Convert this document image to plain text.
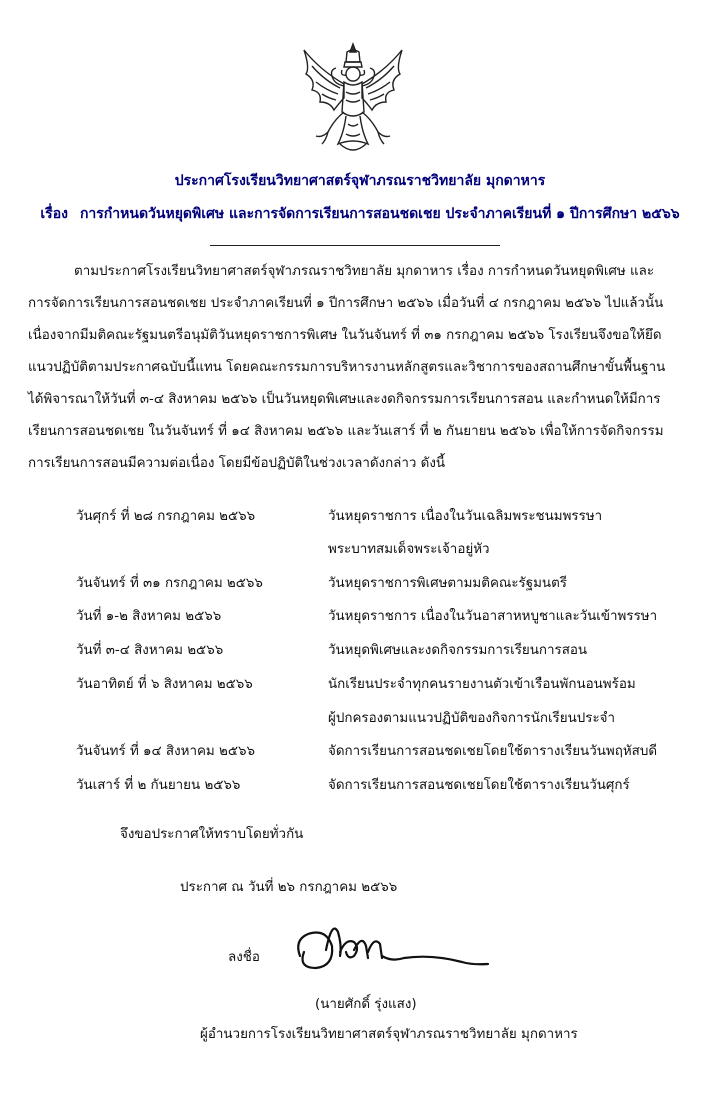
ประกาศโรงเรียนวิทยาศาสตร์จุฬาภรณราชวิทยาลัย มุกดาหาร
เรื่อง การกำหนดวันหยุดพิเศษ และการจัดการเรียนการสอนชดเชย ประจำภาคเรียนที่ ๑ ปีการศึกษา ๒๕๖๖
ตามประกาศโรงเรียนวิทยาศาสตร์จุฬาภรณราชวิทยาลัย มุกดาหาร เรื่อง การกำหนดวันหยุดพิเศษ และ
การจัดการเรียนการสอนชดเชย ประจำภาคเรียนที่ ๑ ปีการศึกษา ๒๕๖๖ เมื่อวันที่ ๔ กรกฎาคม ๒๕๖๖ ไปแล้วนั้น
เนื่องจากมีมติคณะรัฐมนตรีอนุมัติวันหยุดราชการพิเศษ ในวันจันทร์ ที่ ๓๑ กรกฎาคม ๒๕๖๖ โรงเรียนจึงขอให้ยึด
แนวปฏิบัติตามประกาศฉบับนี้แทน โดยคณะกรรมการบริหารงานหลักสูตรและวิชาการของสถานศึกษาขั้นพื้นฐาน
ได้พิจารณาให้วันที่ ๓-๔ สิงหาคม ๒๕๖๖ เป็นวันหยุดพิเศษและงดกิจกรรมการเรียนการสอน และกำหนดให้มีการ
เรียนการสอนชดเชย ในวันจันทร์ ที่ ๑๔ สิงหาคม ๒๕๖๖ และวันเสาร์ ที่ ๒ กันยายน ๒๕๖๖ เพื่อให้การจัดกิจกรรม
การเรียนการสอนมีความต่อเนื่อง โดยมีข้อปฏิบัติในช่วงเวลาดังกล่าว ดังนี้
วันศุกร์ ที่ ๒๘ กรกฎาคม ๒๕๖๖	วันหยุดราชการ เนื่องในวันเฉลิมพระชนมพรรษา
พระบาทสมเด็จพระเจ้าอยู่หัว
วันจันทร์ ที่ ๓๑ กรกฎาคม ๒๕๖๖	วันหยุดราชการพิเศษตามมติคณะรัฐมนตรี
วันที่ ๑-๒ สิงหาคม ๒๕๖๖	วันหยุดราชการ เนื่องในวันอาสาหหบูชาและวันเข้าพรรษา
วันที่ ๓-๔ สิงหาคม ๒๕๖๖	วันหยุดพิเศษและงดกิจกรรมการเรียนการสอน
วันอาทิตย์ ที่ ๖ สิงหาคม ๒๕๖๖	นักเรียนประจำทุกคนรายงานตัวเข้าเรือนพักนอนพร้อม
ผู้ปกครองตามแนวปฏิบัติของกิจการนักเรียนประจำ
วันจันทร์ ที่ ๑๔ สิงหาคม ๒๕๖๖	จัดการเรียนการสอนชดเชยโดยใช้ตารางเรียนวันพฤหัสบดี
วันเสาร์ ที่ ๒ กันยายน ๒๕๖๖	จัดการเรียนการสอนชดเชยโดยใช้ตารางเรียนวันศุกร์
จึงขอประกาศให้ทราบโดยทั่วกัน
ประกาศ ณ วันที่ ๒๖ กรกฎาคม ๒๕๖๖
ลงชื่อ
(นายศักดิ์ รุ่งแสง)
ผู้อำนวยการโรงเรียนวิทยาศาสตร์จุฬาภรณราชวิทยาลัย มุกดาหาร
